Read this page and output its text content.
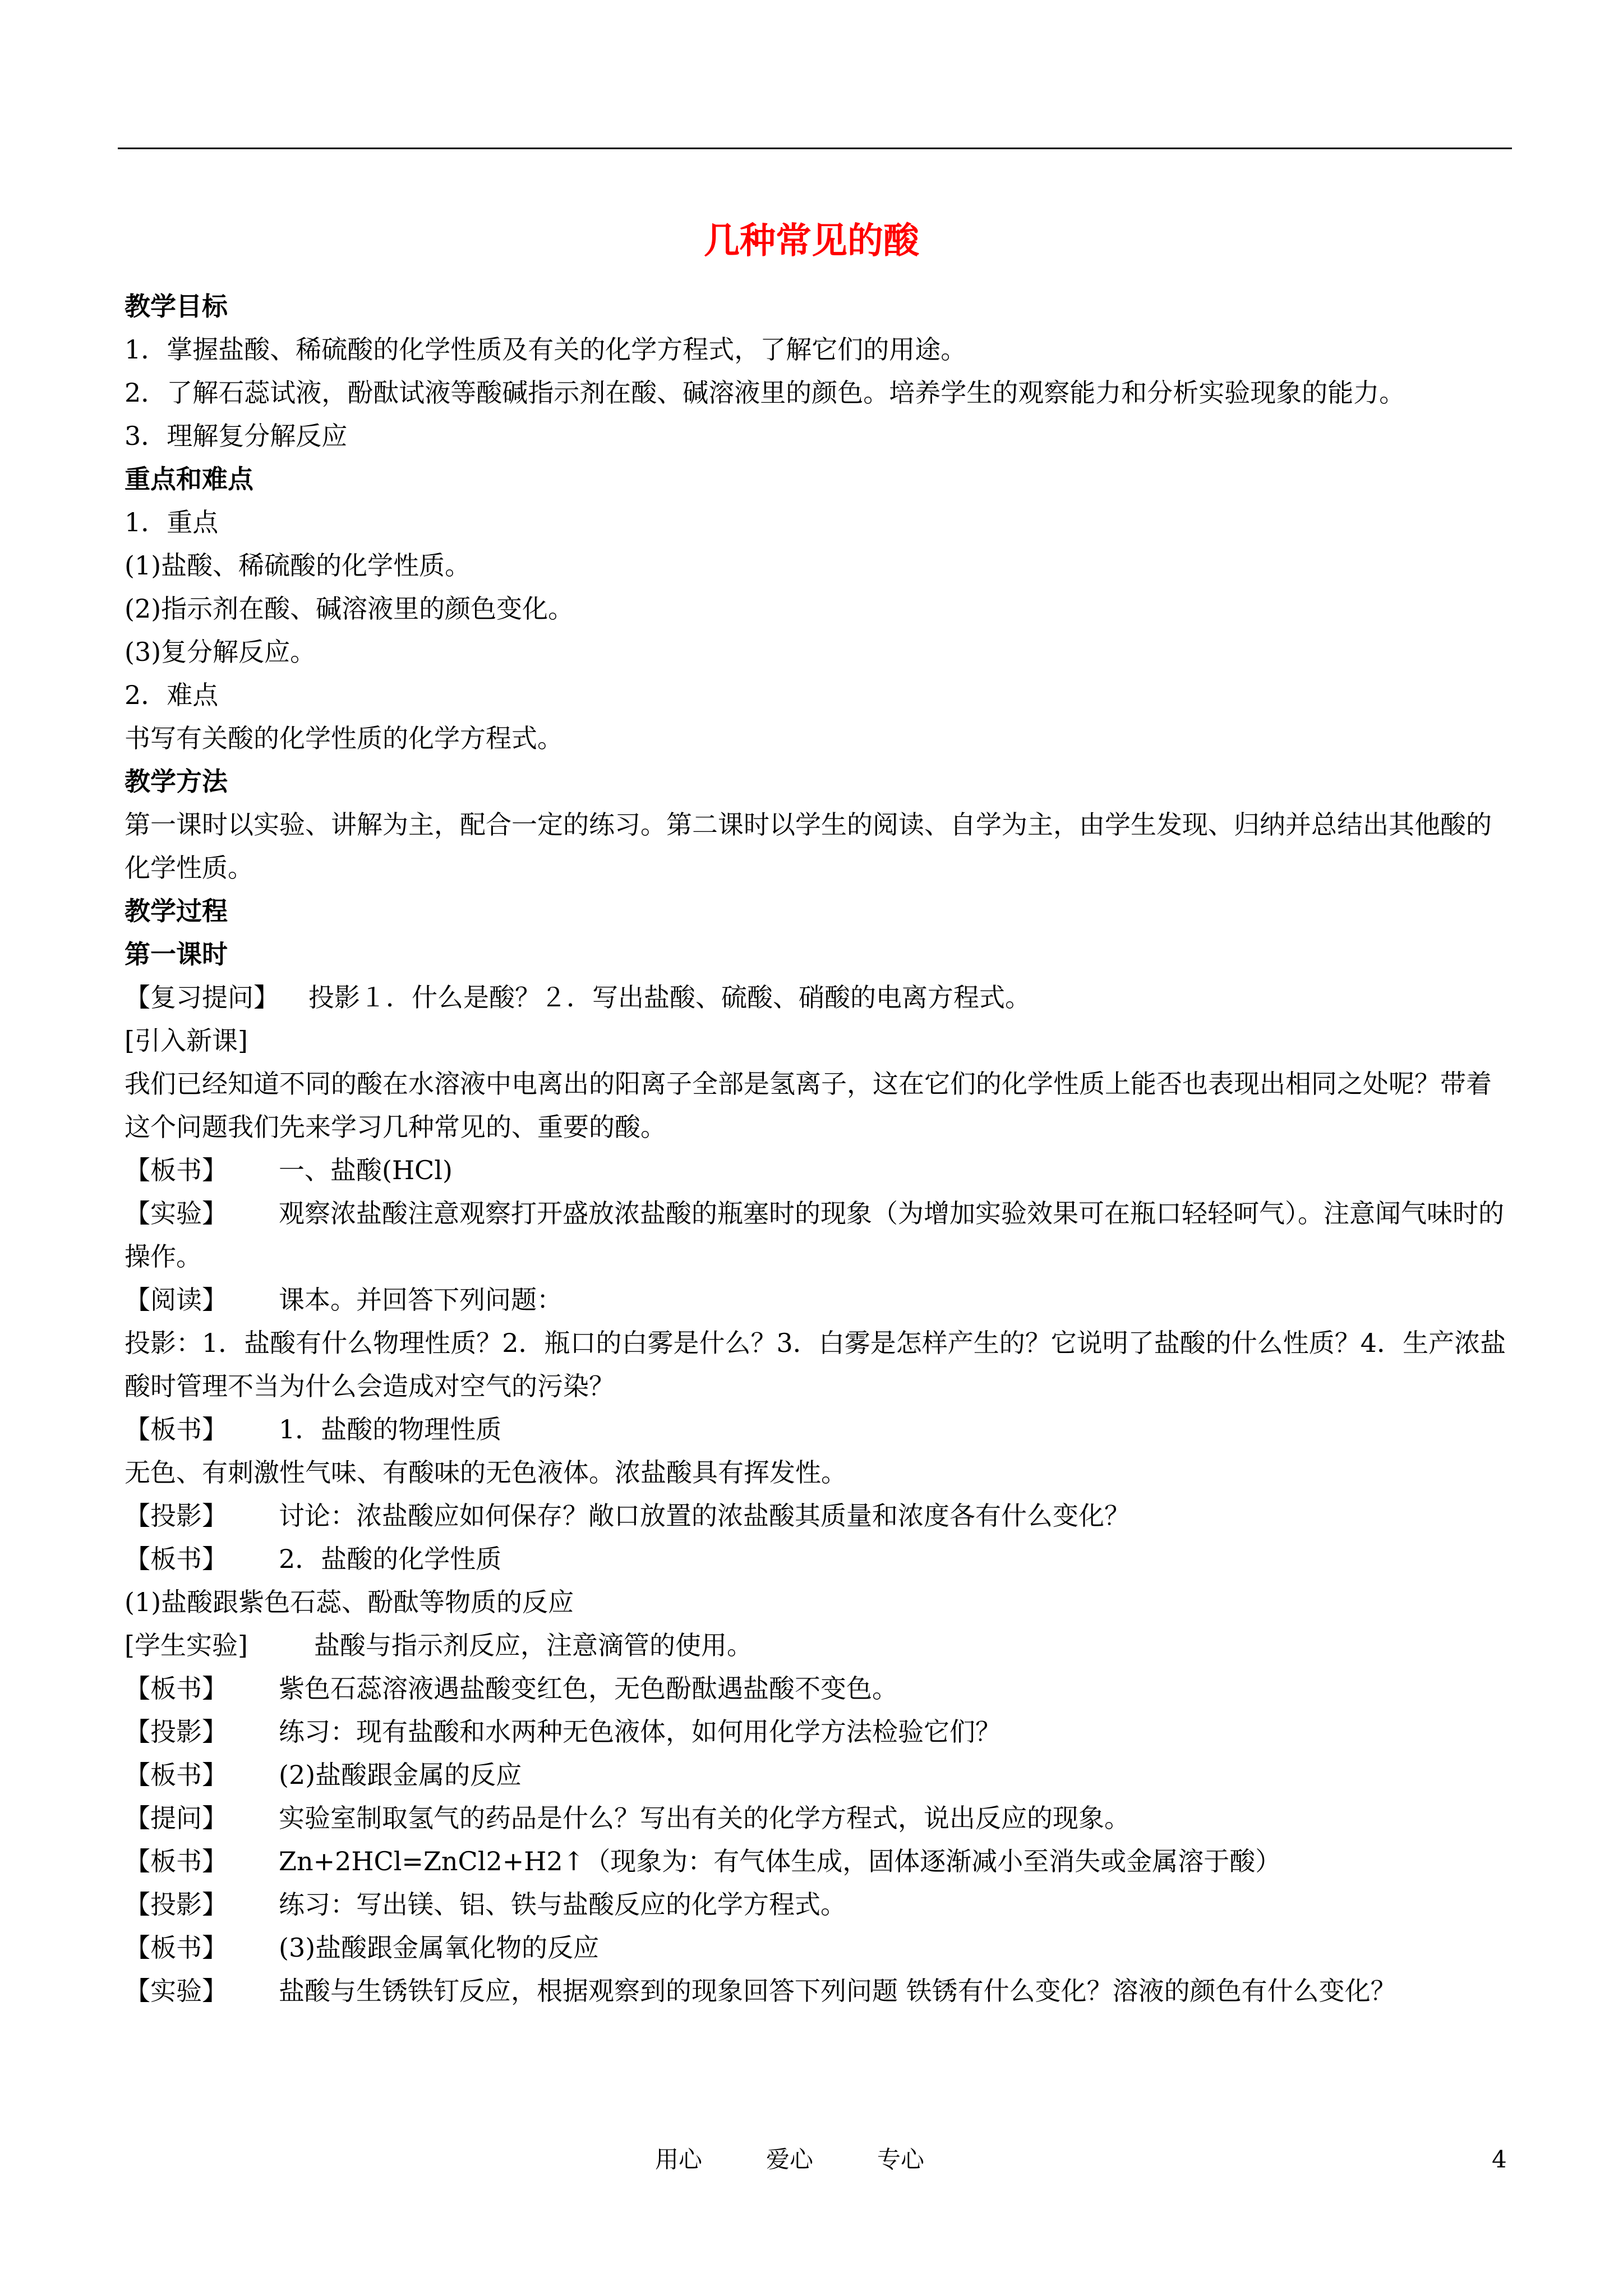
几种常见的酸
教学目标
1．掌握盐酸、稀硫酸的化学性质及有关的化学方程式，了解它们的用途。
2．了解石蕊试液，酚酞试液等酸碱指示剂在酸、碱溶液里的颜色。培养学生的观察能力和分析实验现象的能力。
3．理解复分解反应
重点和难点
1．重点
(1)盐酸、稀硫酸的化学性质。
(2)指示剂在酸、碱溶液里的颜色变化。
(3)复分解反应。
2．难点
书写有关酸的化学性质的化学方程式。
教学方法
第一课时以实验、讲解为主，配合一定的练习。第二课时以学生的阅读、自学为主，由学生发现、归纳并总结出其他酸的化学性质。
教学过程
第一课时
【复习提问】 投影１．什么是酸？２．写出盐酸、硫酸、硝酸的电离方程式。
[引入新课]
我们已经知道不同的酸在水溶液中电离出的阳离子全部是氢离子，这在它们的化学性质上能否也表现出相同之处呢？带着这个问题我们先来学习几种常见的、重要的酸。
【板书】 一、盐酸(HCl)
【实验】 观察浓盐酸注意观察打开盛放浓盐酸的瓶塞时的现象（为增加实验效果可在瓶口轻轻呵气）。注意闻气味时的操作。
【阅读】 课本。并回答下列问题：
投影：1．盐酸有什么物理性质？2．瓶口的白雾是什么？3．白雾是怎样产生的？它说明了盐酸的什么性质？4．生产浓盐酸时管理不当为什么会造成对空气的污染？
【板书】 1．盐酸的物理性质
无色、有刺激性气味、有酸味的无色液体。浓盐酸具有挥发性。
【投影】 讨论：浓盐酸应如何保存？敞口放置的浓盐酸其质量和浓度各有什么变化？
【板书】 2．盐酸的化学性质
(1)盐酸跟紫色石蕊、酚酞等物质的反应
[学生实验]	盐酸与指示剂反应，注意滴管的使用。
【板书】 紫色石蕊溶液遇盐酸变红色，无色酚酞遇盐酸不变色。
【投影】 练习：现有盐酸和水两种无色液体，如何用化学方法检验它们？
【板书】 (2)盐酸跟金属的反应
【提问】 实验室制取氢气的药品是什么？写出有关的化学方程式，说出反应的现象。
【板书】 Zn+2HCl=ZnCl2+H2↑（现象为：有气体生成，固体逐渐减小至消失或金属溶于酸）
【投影】 练习：写出镁、铝、铁与盐酸反应的化学方程式。
【板书】 (3)盐酸跟金属氧化物的反应
【实验】 盐酸与生锈铁钉反应，根据观察到的现象回答下列问题 铁锈有什么变化？溶液的颜色有什么变化？
用心	爱心	专心	4
